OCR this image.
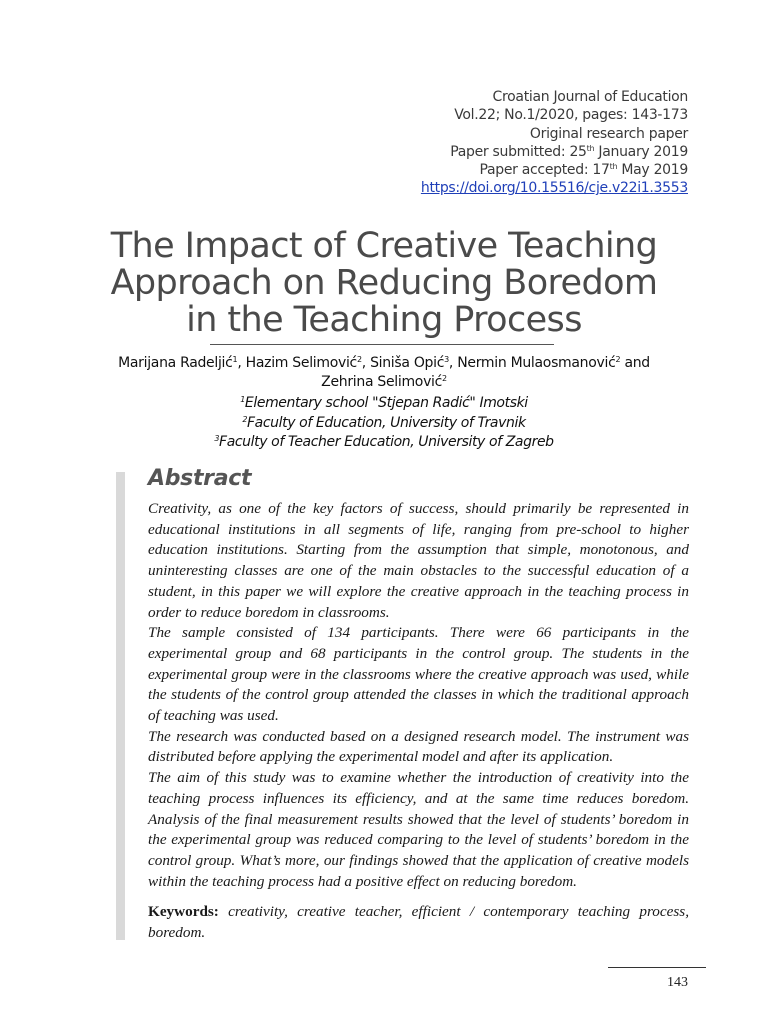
Croatian Journal of Education
Vol.22; No.1/2020, pages: 143-173
Original research paper
Paper submitted: 25th January 2019
Paper accepted: 17th May 2019
https://doi.org/10.15516/cje.v22i1.3553
The Impact of Creative Teaching
Approach on Reducing Boredom
in the Teaching Process
Marijana Radeljić$^1$, Hazim Selimović$^2$, Siniša Opić$^3$, Nermin Mulaosmanović$^2$ and
Zehrina Selimović$^2$
$^1$Elementary school "Stjepan Radić" Imotski
$^2$Faculty of Education, University of Travnik
$^3$Faculty of Teacher Education, University of Zagreb
Abstract

Creativity, as one of the key factors of success, should primarily be represented in educational institutions in all segments of life, ranging from pre-school to higher education institutions. Starting from the assumption that simple, monotonous, and uninteresting classes are one of the main obstacles to the successful education of a student, in this paper we will explore the creative approach in the teaching process in order to reduce boredom in classrooms.

The sample consisted of 134 participants. There were 66 participants in the experimental group and 68 participants in the control group. The students in the experimental group were in the classrooms where the creative approach was used, while the students of the control group attended the classes in which the traditional approach of teaching was used.

The research was conducted based on a designed research model. The instrument was distributed before applying the experimental model and after its application.

The aim of this study was to examine whether the introduction of creativity into the teaching process influences its efficiency, and at the same time reduces boredom. Analysis of the final measurement results showed that the level of students’ boredom in the experimental group was reduced comparing to the level of students’ boredom in the control group. What’s more, our findings showed that the application of creative models within the teaching process had a positive effect on reducing boredom.

Keywords: creativity, creative teacher, efficient / contemporary teaching process, boredom.
143
